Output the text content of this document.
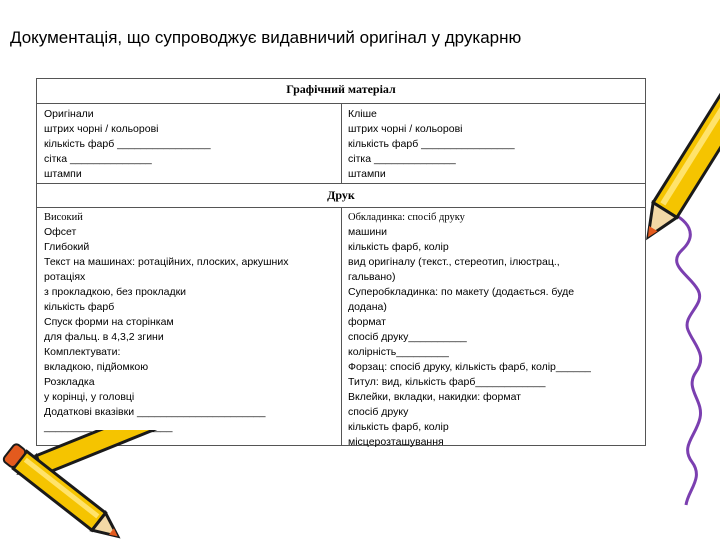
Документація, що супроводжує видавничий оригінал у друкарню
Графічний матеріал
Оригінали
штрих чорні / кольорові
кількість фарб ________________
сітка ______________
штампи
Кліше
штрих чорні / кольорові
кількість фарб ________________
сітка ______________
штампи
Друк
Високий
Офсет
Глибокий
Текст на машинах: ротаційних, плоских, аркушних
ротаціях
з прокладкою, без прокладки
кількість фарб
Спуск форми на сторінкам
для фальц. в 4,3,2 згини
Комплектувати:
вкладкою, підйомкою
Розкладка
у корінці, у головці
Додаткові вказівки ______________________
______________________
Обкладинка: спосіб друку
машини
кількість фарб, колір
вид оригіналу (текст., стереотип, ілюстрац.,
гальвано)
Суперобкладинка: по макету (додається. буде
додана)
формат
спосіб друку__________
колірність_________
Форзац: спосіб друку, кількість фарб, колір______
Титул: вид, кількість фарб____________
Вклейки, вкладки, накидки: формат
спосіб друку
кількість фарб, колір
місцерозташування
